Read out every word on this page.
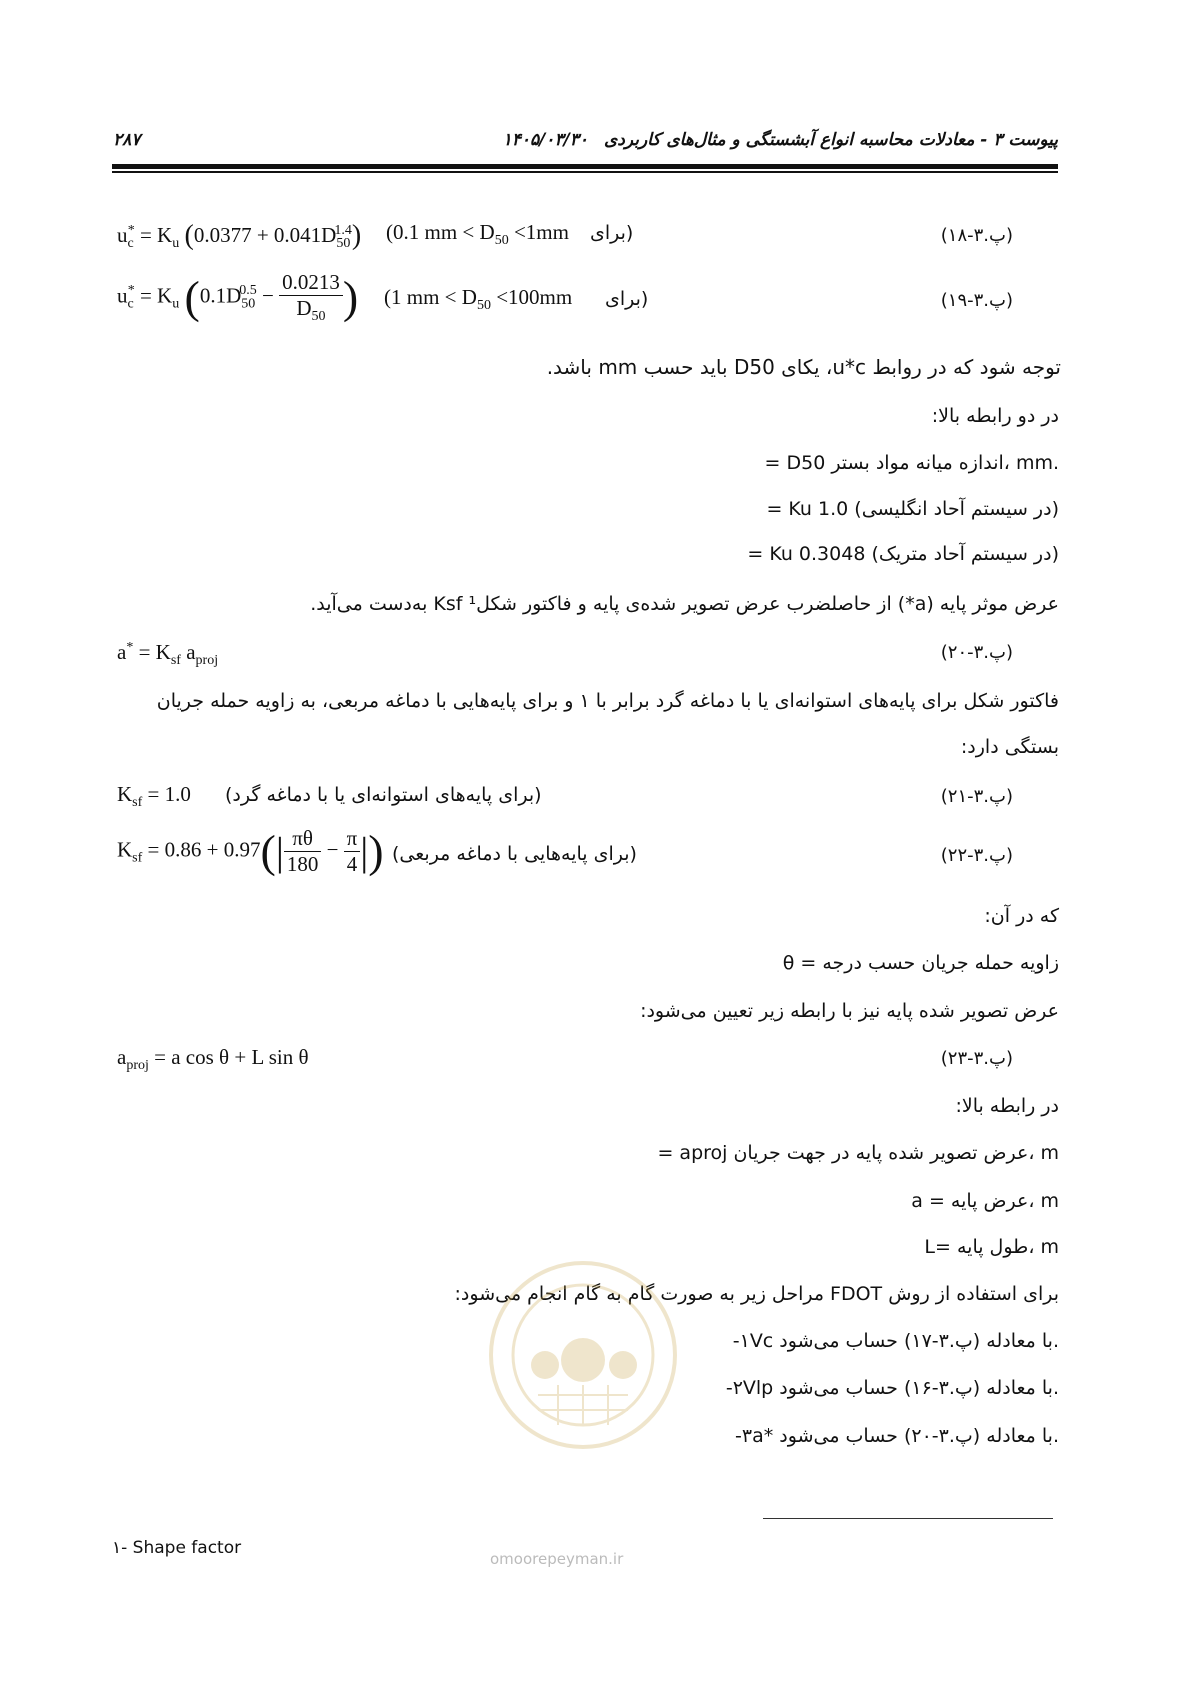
۲۸۷	پیوست ۳ - معادلات محاسبه انواع آبشستگی و مثال‌های کاربردی ۱۴۰۵/۰۳/۳۰
$u_c^* = K_u$ $(0.0377 + 0.041D_{50}^{1.4})$ (0.1 mm < $D_{50} <1mm$ (برای	(پ.۳-۱۸)
$u_c^* = K_u$ ($0.1D_{50}^{0.5} - \frac{0.0213}{D_{50}}$ ) (1 mm < $D_{50} <100mm$ (برای	(پ.۳-۱۹)
توجه شود که در روابط u*c، یکای D50 باید حسب mm باشد.
در دو رابطه بالا:
= D50 اندازه میانه مواد بستر، mm.
= Ku 1.0 (در سیستم آحاد انگلیسی)
= Ku 0.3048 (در سیستم آحاد متریک)
عرض موثر پایه (a*) از حاصلضرب عرض تصویر شده‌ی پایه و فاکتور شکل¹ Ksf به‌دست می‌آید.
$a^* = K_{sf}$ $a_{proj}$	(پ.۳-۲۰)
فاکتور شکل برای پایه‌های استوانه‌ای یا با دماغه گرد برابر با ۱ و برای پایه‌هایی با دماغه مربعی، به زاویه حمله جریان
بستگی دارد:
$K_{sf} = 1.0$ (برای پایه‌های استوانه‌ای یا با دماغه گرد)	(پ.۳-۲۱)
$K_{sf} = 0.86 + 0.97(| \frac{\pi\theta}{180} - \frac{\pi}{4}$ |) (برای پایه‌هایی با دماغه مربعی)	(پ.۳-۲۲)
که در آن:
θ = زاویه حمله جریان حسب درجه
عرض تصویر شده پایه نیز با رابطه زیر تعیین می‌شود:
$a_{proj} = a$ cos θ + L sin θ	(پ.۳-۲۳)
در رابطه بالا:
= aproj عرض تصویر شده پایه در جهت جریان، m
a = عرض پایه، m
L= طول پایه، m
برای استفاده از روش FDOT مراحل زیر به صورت گام به گام انجام می‌شود:
-۱Vc با معادله (پ.۳-۱۷) حساب می‌شود.
-۲Vlp با معادله (پ.۳-۱۶) حساب می‌شود.
-۳a* با معادله (پ.۳-۲۰) حساب می‌شود.
omoorepeyman.ir
۱- Shape factor
